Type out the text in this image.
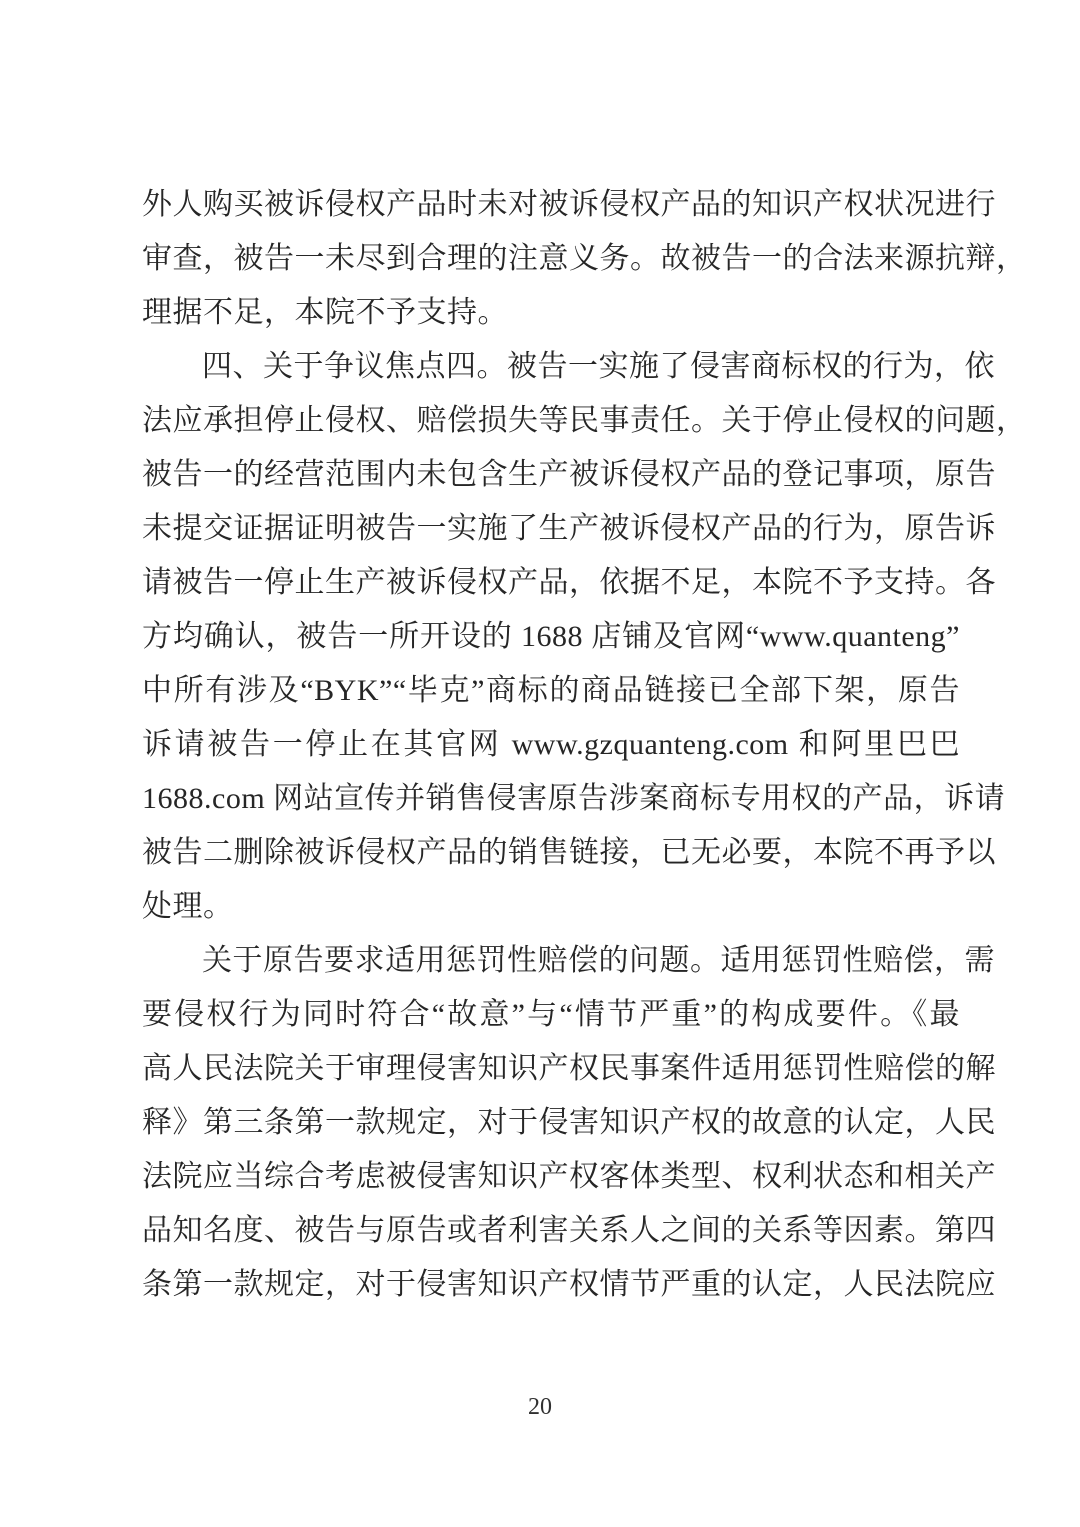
外人购买被诉侵权产品时未对被诉侵权产品的知识产权状况进行
审查，被告一未尽到合理的注意义务。故被告一的合法来源抗辩，
理据不足，本院不予支持。
四、关于争议焦点四。被告一实施了侵害商标权的行为，依
法应承担停止侵权、赔偿损失等民事责任。关于停止侵权的问题，
被告一的经营范围内未包含生产被诉侵权产品的登记事项，原告
未提交证据证明被告一实施了生产被诉侵权产品的行为，原告诉
请被告一停止生产被诉侵权产品，依据不足，本院不予支持。各
方均确认，被告一所开设的 1688 店铺及官网“www.quanteng”
中所有涉及“BYK”“毕克”商标的商品链接已全部下架，原告
诉请被告一停止在其官网 www.gzquanteng.com 和阿里巴巴
1688.com 网站宣传并销售侵害原告涉案商标专用权的产品，诉请
被告二删除被诉侵权产品的销售链接，已无必要，本院不再予以
处理。
关于原告要求适用惩罚性赔偿的问题。适用惩罚性赔偿，需
要侵权行为同时符合“故意”与“情节严重”的构成要件。《最
高人民法院关于审理侵害知识产权民事案件适用惩罚性赔偿的解
释》第三条第一款规定，对于侵害知识产权的故意的认定，人民
法院应当综合考虑被侵害知识产权客体类型、权利状态和相关产
品知名度、被告与原告或者利害关系人之间的关系等因素。第四
条第一款规定，对于侵害知识产权情节严重的认定，人民法院应
20
